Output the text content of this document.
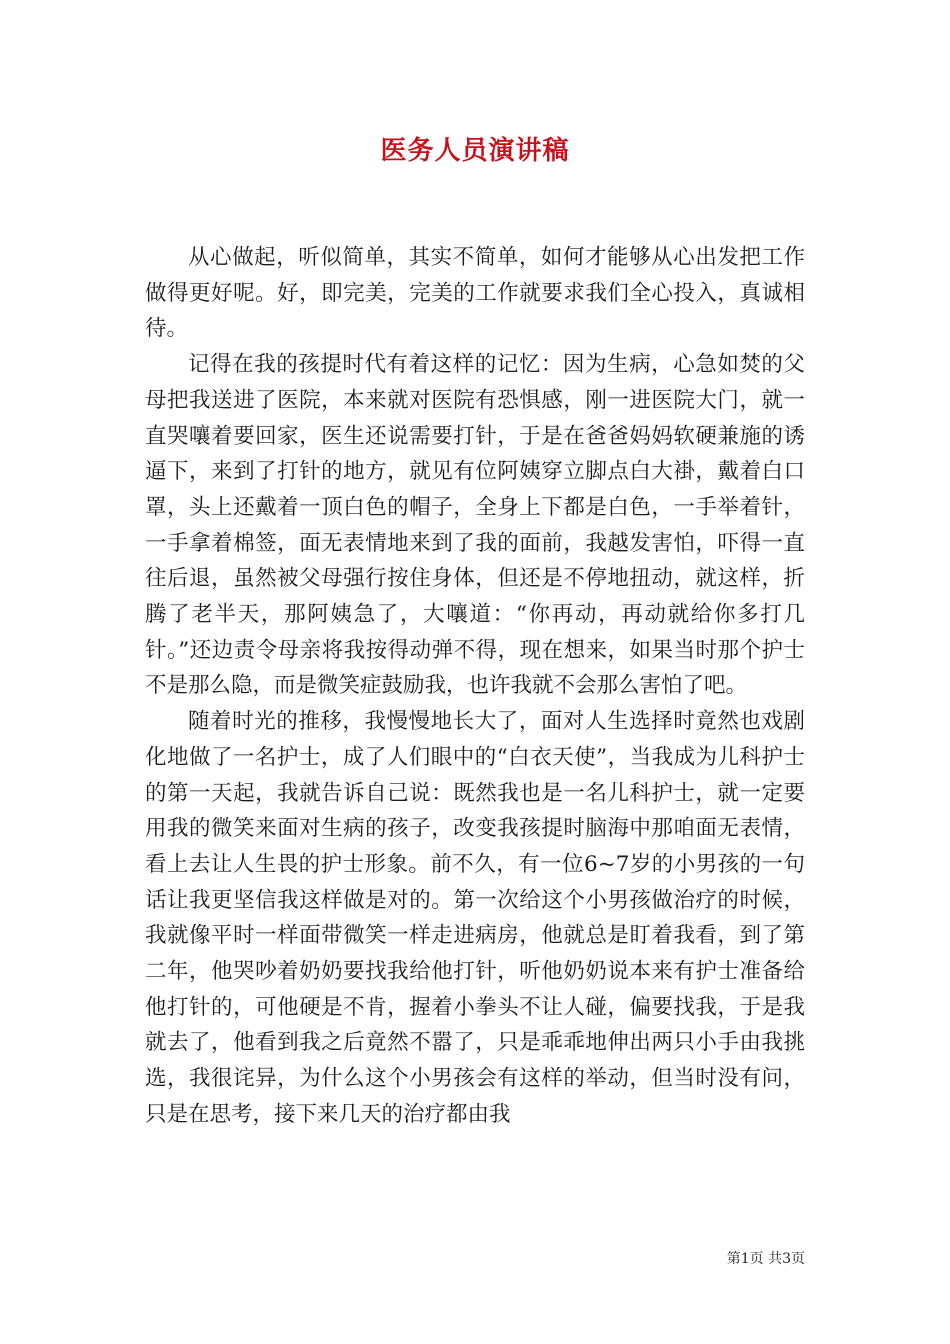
医务人员演讲稿

从心做起，听似简单，其实不简单，如何才能够从心出发把工作做得更好呢。好，即完美，完美的工作就要求我们全心投入，真诚相待。

记得在我的孩提时代有着这样的记忆：因为生病，心急如焚的父母把我送进了医院，本来就对医院有恐惧感，刚一进医院大门，就一直哭嚷着要回家，医生还说需要打针，于是在爸爸妈妈软硬兼施的诱逼下，来到了打针的地方，就见有位阿姨穿立脚点白大褂，戴着白口罩，头上还戴着一顶白色的帽子，全身上下都是白色，一手举着针，一手拿着棉签，面无表情地来到了我的面前，我越发害怕，吓得一直往后退，虽然被父母强行按住身体，但还是不停地扭动，就这样，折腾了老半天，那阿姨急了，大嚷道：“你再动，再动就给你多打几针。”还边责令母亲将我按得动弹不得，现在想来，如果当时那个护士不是那么隐，而是微笑症鼓励我，也许我就不会那么害怕了吧。

随着时光的推移，我慢慢地长大了，面对人生选择时竟然也戏剧化地做了一名护士，成了人们眼中的“白衣天使”，当我成为儿科护士的第一天起，我就告诉自己说：既然我也是一名儿科护士，就一定要用我的微笑来面对生病的孩子，改变我孩提时脑海中那咱面无表情，看上去让人生畏的护士形象。前不久，有一位6~7岁的小男孩的一句话让我更坚信我这样做是对的。第一次给这个小男孩做治疗的时候，我就像平时一样面带微笑一样走进病房，他就总是盯着我看，到了第二年，他哭吵着奶奶要找我给他打针，听他奶奶说本来有护士准备给他打针的，可他硬是不肯，握着小拳头不让人碰，偏要找我，于是我就去了，他看到我之后竟然不嚣了，只是乖乖地伸出两只小手由我挑选，我很诧异，为什么这个小男孩会有这样的举动，但当时没有问，只是在思考，接下来几天的治疗都由我

第1页 共3页
